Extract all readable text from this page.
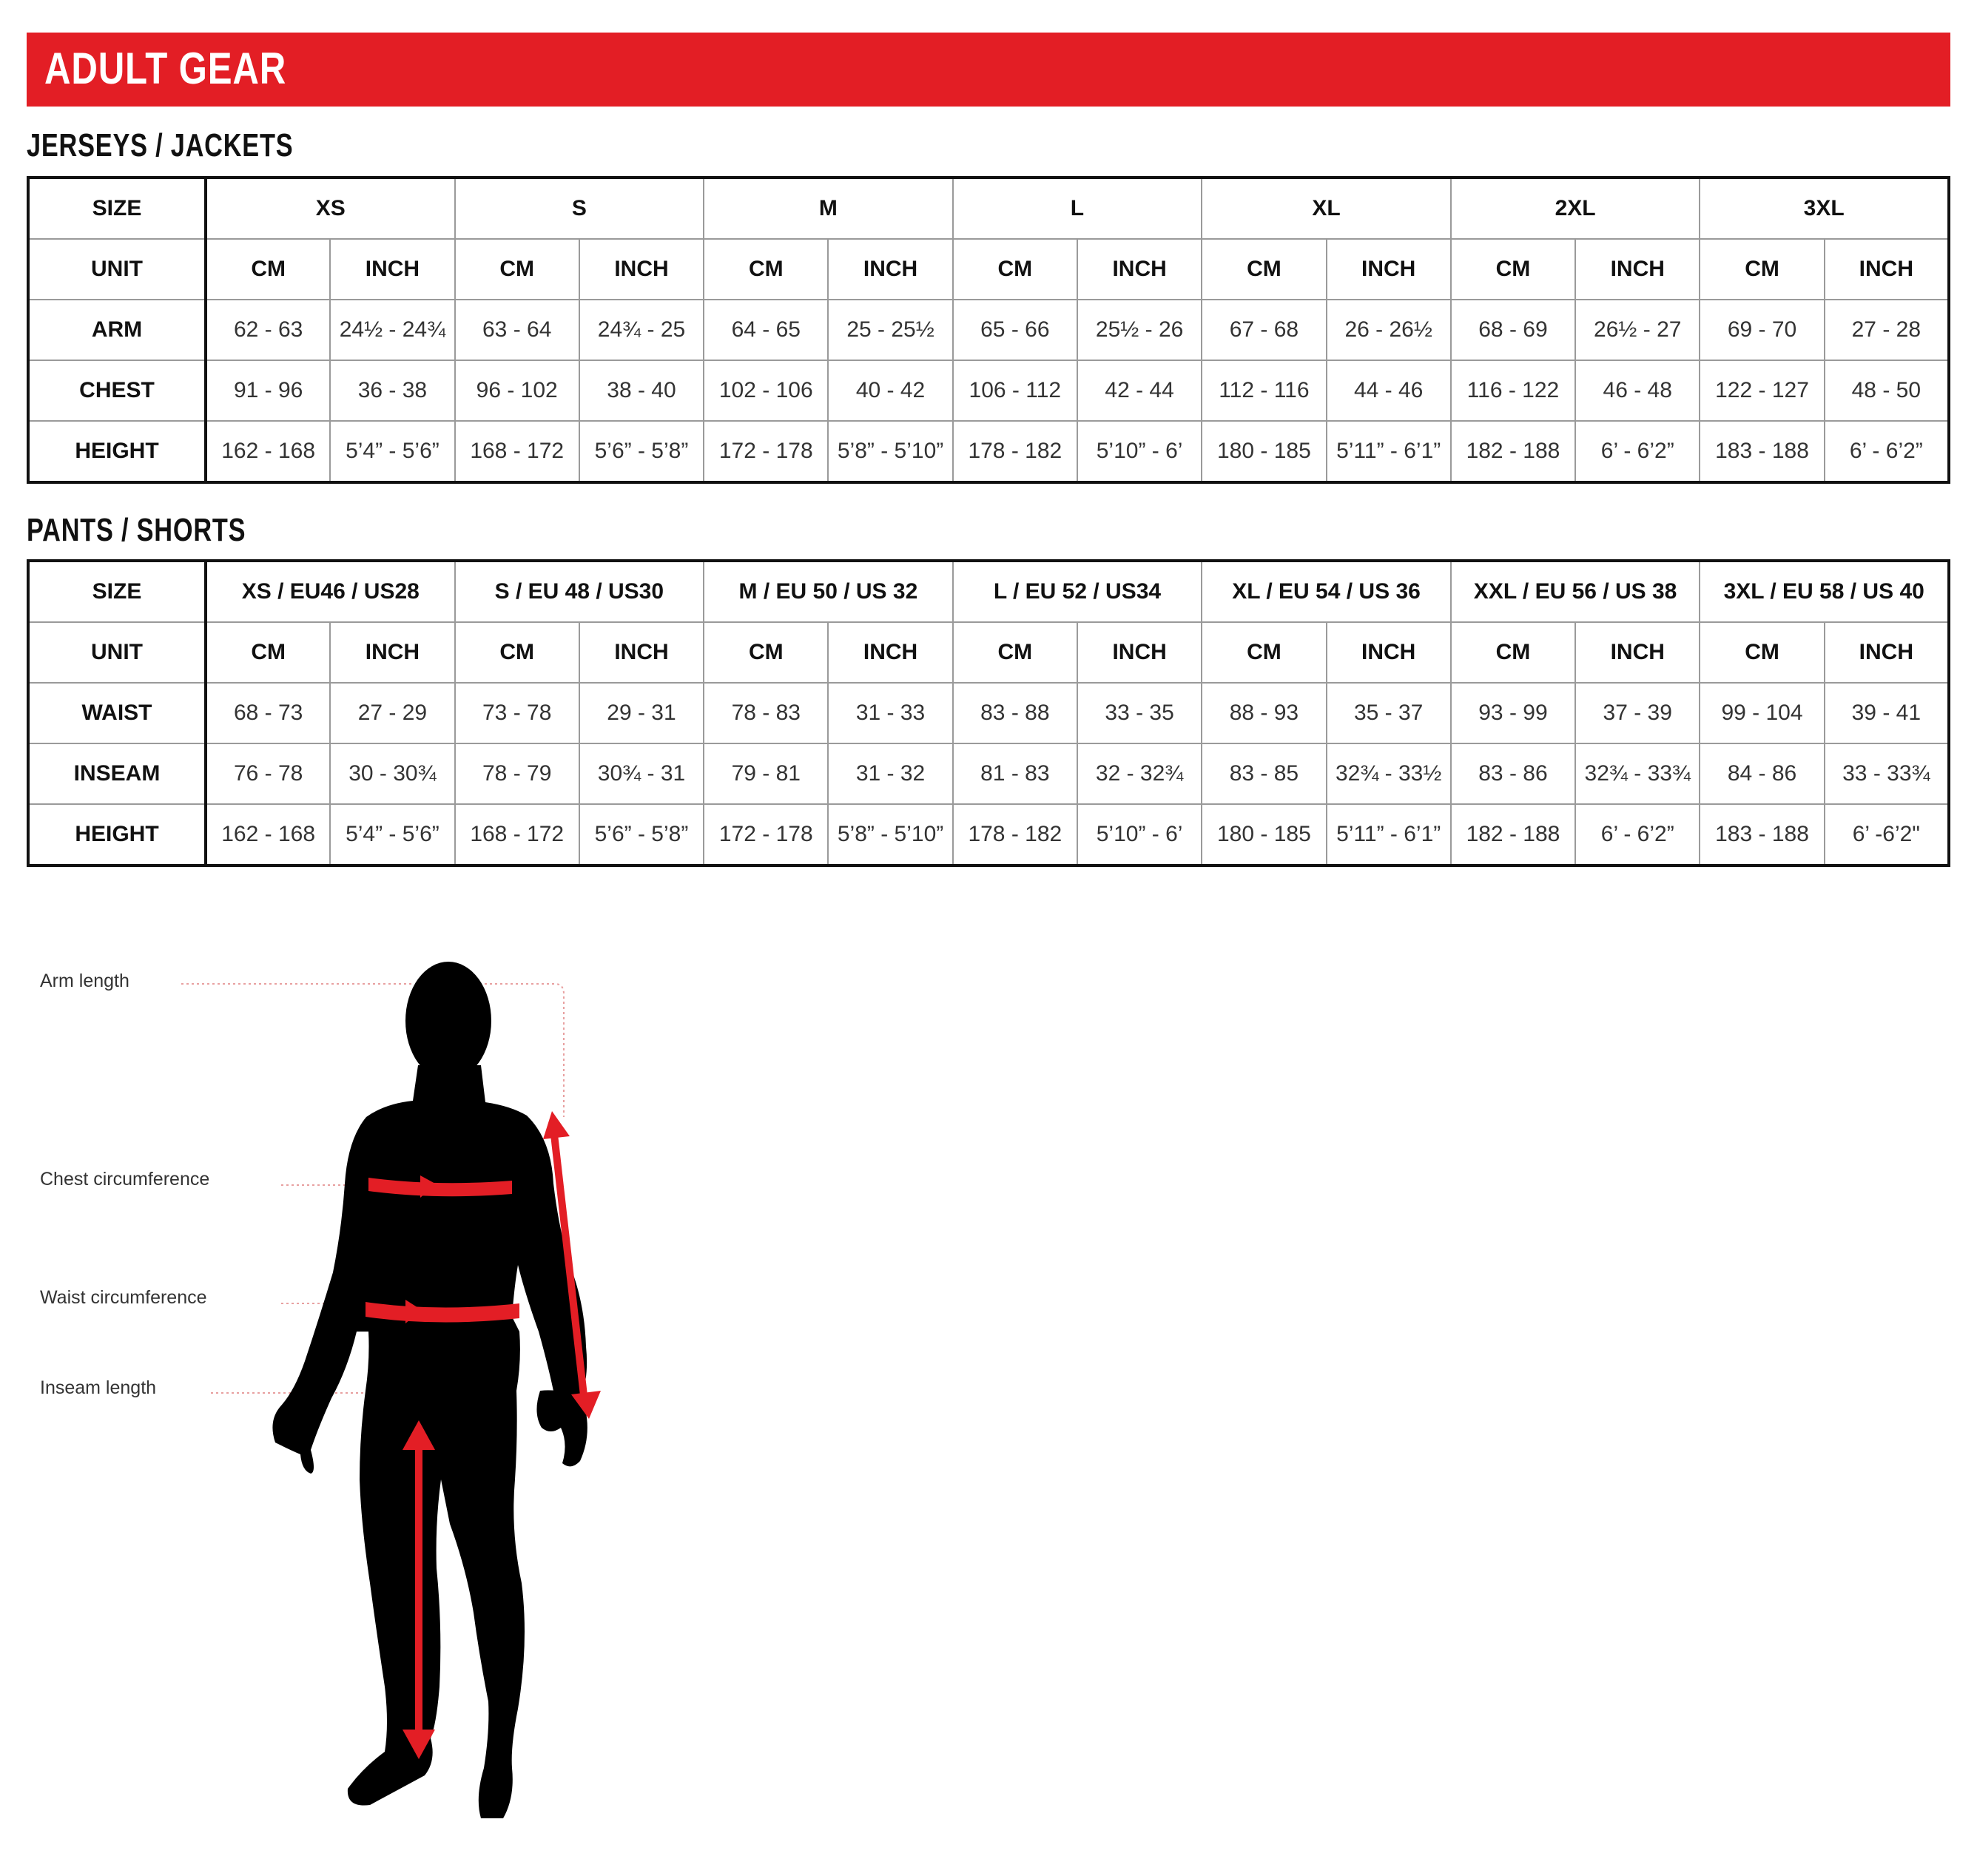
ADULT GEAR
JERSEYS / JACKETS
SIZE	XS		S		M		L		XL		2XL		3XL	
UNIT	CM	INCH	CM	INCH	CM	INCH	CM	INCH	CM	INCH	CM	INCH	CM	INCH
ARM	62 - 63	24½ - 24¾	63 - 64	24¾ - 25	64 - 65	25 - 25½	65 - 66	25½ - 26	67 - 68	26 - 26½	68 - 69	26½ - 27	69 - 70	27 - 28
CHEST	91 - 96	36 - 38	96 - 102	38 - 40	102 - 106	40 - 42	106 - 112	42 - 44	112 - 116	44 - 46	116 - 122	46 - 48	122 - 127	48 - 50
HEIGHT	162 - 168	5’4” - 5’6”	168 - 172	5’6” - 5’8”	172 - 178	5’8” - 5’10”	178 - 182	5’10” - 6’	180 - 185	5’11” - 6’1”	182 - 188	6’ - 6’2”	183 - 188	6’ - 6’2”
PANTS / SHORTS
SIZE	XS / EU46 / US28		S / EU 48 / US30		M / EU 50 / US 32		L / EU 52 / US34		XL / EU 54 / US 36		XXL / EU 56 / US 38		3XL / EU 58 / US 40	
UNIT	CM	INCH	CM	INCH	CM	INCH	CM	INCH	CM	INCH	CM	INCH	CM	INCH
WAIST	68 - 73	27 - 29	73 - 78	29 - 31	78 - 83	31 - 33	83 - 88	33 - 35	88 - 93	35 - 37	93 - 99	37 - 39	99 - 104	39 - 41
INSEAM	76 - 78	30 - 30¾	78 - 79	30¾ - 31	79 - 81	31 - 32	81 - 83	32 - 32¾	83 - 85	32¾ - 33½	83 - 86	32¾ - 33¾	84 - 86	33 - 33¾
HEIGHT	162 - 168	5’4” - 5’6”	168 - 172	5’6” - 5’8”	172 - 178	5’8” - 5’10”	178 - 182	5’10” - 6’	180 - 185	5’11” - 6’1”	182 - 188	6’ - 6’2”	183 - 188	6’ -6’2"
Arm length
Chest circumference
Waist circumference
Inseam length
